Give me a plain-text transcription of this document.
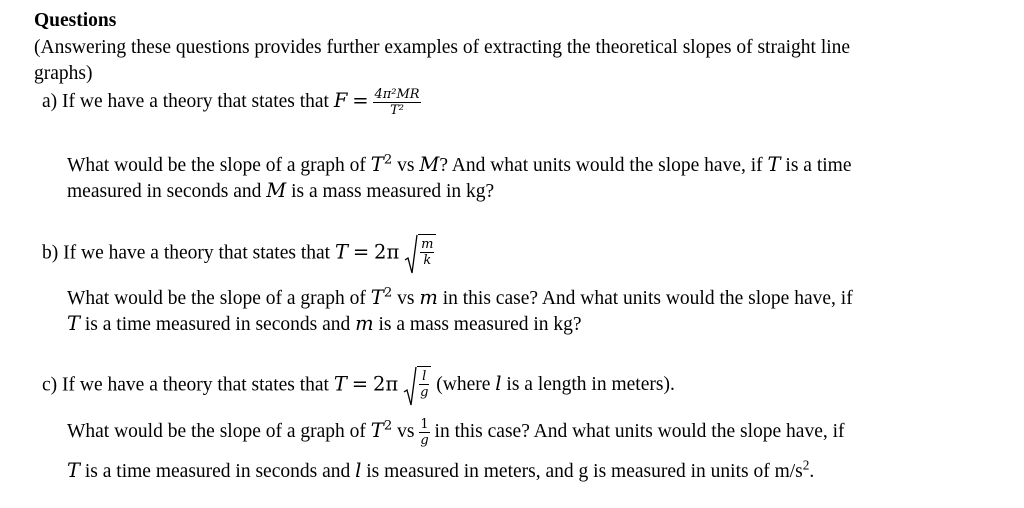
Questions
(Answering these questions provides further examples of extracting the theoretical slopes of straight line
graphs)
a) If we have a theory that states that $F = \frac{\text{4π²MR}}{\text{T²}}$
What would be the slope of a graph of $T^2$ vs M? And what units would the slope have, if T is a time
measured in seconds and M is a mass measured in kg?
b) If we have a theory that states that $T = 2\pi \frac{m}{k}$
What would be the slope of a graph of $T^2$ vs m in this case? And what units would the slope have, if
T is a time measured in seconds and m is a mass measured in kg?
c) If we have a theory that states that $T = 2\pi \frac{l}{g}$ (where l is a length in meters).
What would be the slope of a graph of $T^2$ vs $\frac{1}{g}$ in this case? And what units would the slope have, if
T is a time measured in seconds and l is measured in meters, and g is measured in units of $m/s^2$.
